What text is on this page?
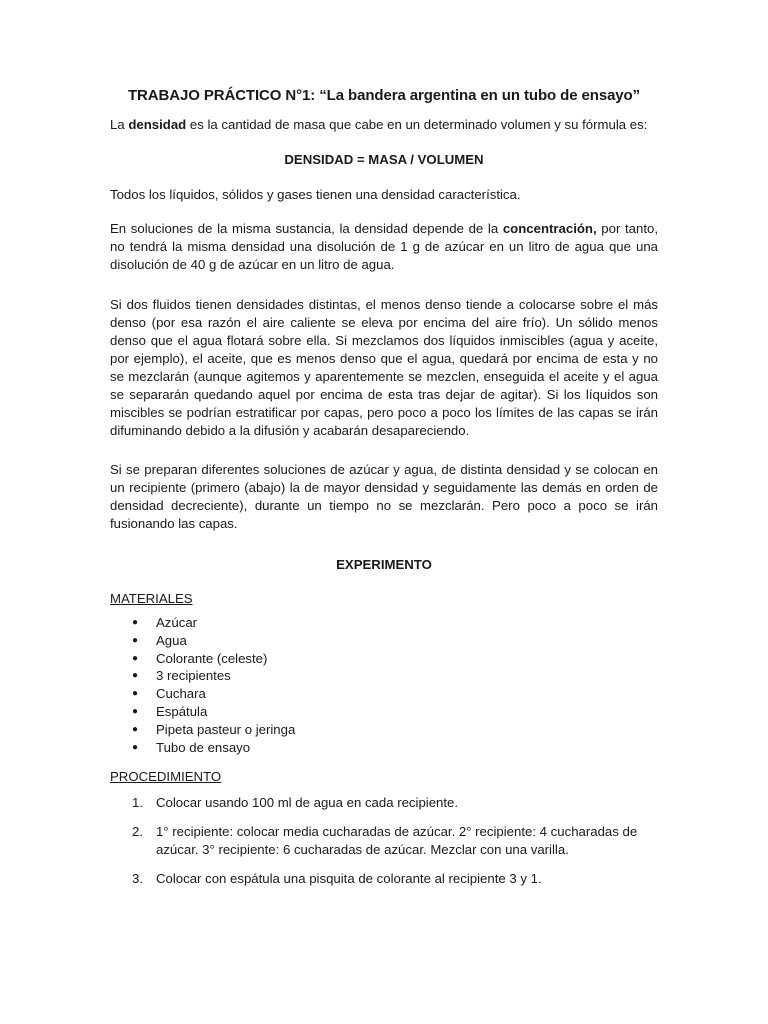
TRABAJO PRÁCTICO N°1: “La bandera argentina en un tubo de ensayo”

La densidad es la cantidad de masa que cabe en un determinado volumen y su fórmula es:

DENSIDAD = MASA / VOLUMEN

Todos los líquidos, sólidos y gases tienen una densidad característica.

En soluciones de la misma sustancia, la densidad depende de la concentración, por tanto, no tendrá la misma densidad una disolución de 1 g de azúcar en un litro de agua que una disolución de 40 g de azúcar en un litro de agua.

Si dos fluidos tienen densidades distintas, el menos denso tiende a colocarse sobre el más denso (por esa razón el aire caliente se eleva por encima del aire frío). Un sólido menos denso que el agua flotará sobre ella. Si mezclamos dos líquidos inmiscibles (agua y aceite, por ejemplo), el aceite, que es menos denso que el agua, quedará por encima de esta y no se mezclarán (aunque agitemos y aparentemente se mezclen, enseguida el aceite y el agua se separarán quedando aquel por encima de esta tras dejar de agitar). Si los líquidos son miscibles se podrían estratificar por capas, pero poco a poco los límites de las capas se irán difuminando debido a la difusión y acabarán desapareciendo.

Si se preparan diferentes soluciones de azúcar y agua, de distinta densidad y se colocan en un recipiente (primero (abajo) la de mayor densidad y seguidamente las demás en orden de densidad decreciente), durante un tiempo no se mezclarán. Pero poco a poco se irán fusionando las capas.

EXPERIMENTO

MATERIALES

● Azúcar
● Agua
● Colorante (celeste)
● 3 recipientes
● Cuchara
● Espátula
● Pipeta pasteur o jeringa
● Tubo de ensayo

PROCEDIMIENTO

1. Colocar usando 100 ml de agua en cada recipiente.
2. 1° recipiente: colocar media cucharadas de azúcar. 2° recipiente: 4 cucharadas de azúcar. 3° recipiente: 6 cucharadas de azúcar. Mezclar con una varilla.
3. Colocar con espátula una pisquita de colorante al recipiente 3 y 1.
